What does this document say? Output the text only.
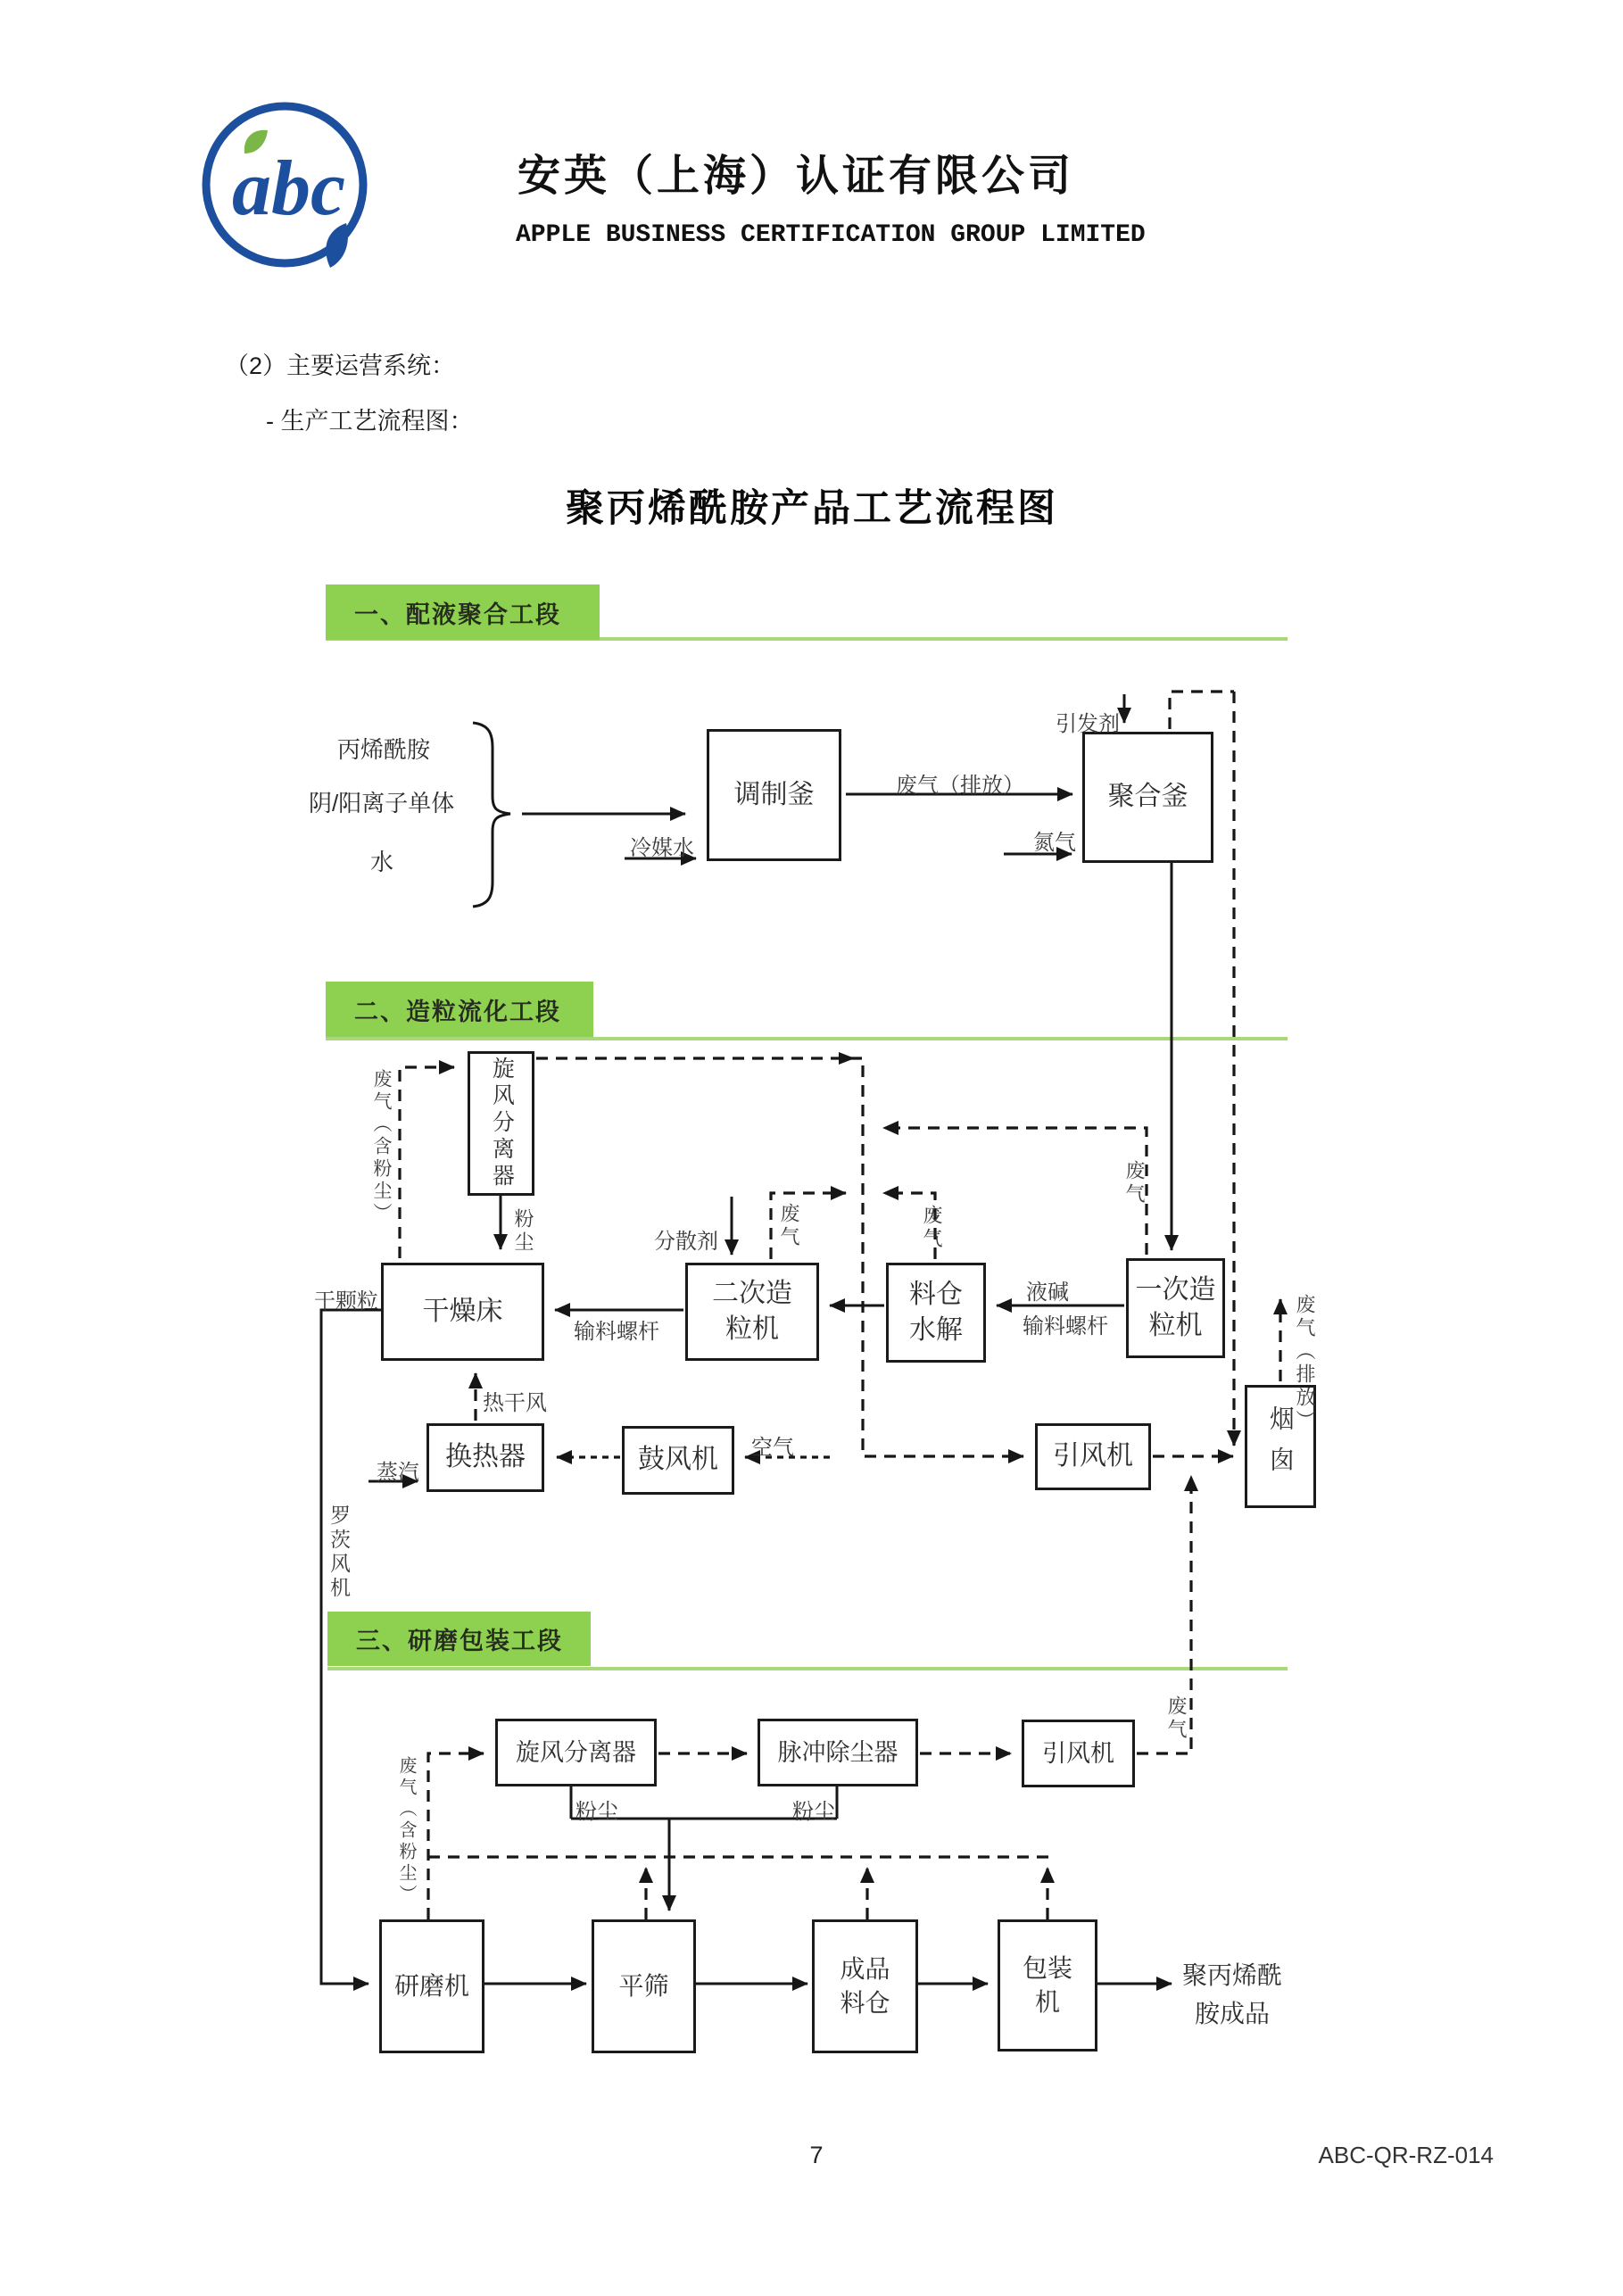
abc	安英（上海）认证有限公司
APPLE BUSINESS CERTIFICATION GROUP LIMITED
（2）主要运营系统：
- 生产工艺流程图：
聚丙烯酰胺产品工艺流程图
一、配液聚合工段
二、造粒流化工段
三、研磨包装工段
调制釜	聚合釜
旋风分离器
干燥床
二次造粒机
料仓水解
一次造粒机
换热器	鼓风机	引风机	烟囱
旋风分离器	脉冲除尘器	引风机
研磨机	平筛
成品料仓
包装机
丙烯酰胺
阴/阳离子单体
水
冷媒水
废气（排放）
引发剂
氮气
废气（含粉尘）
粉尘	分散剂	废气	废气
废气
液碱
输料螺杆
输料螺杆
干颗粒
热干风
蒸汽
空气
罗茨风机
废气（排放）
废气
废气（含粉尘）	粉尘	粉尘
聚丙烯酰胺成品
7	ABC-QR-RZ-014
